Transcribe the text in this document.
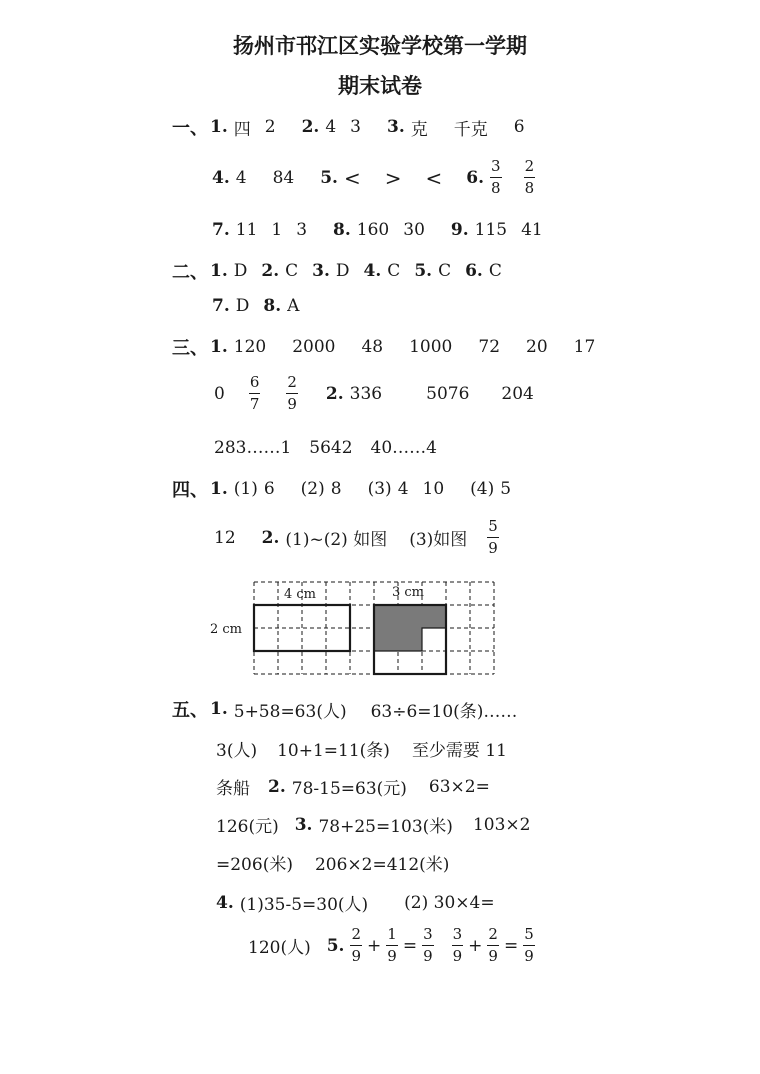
扬州市邗江区实验学校第一学期
期末试卷
一、 1. 四 2 2. 4 3 3. 克 千克 6
4. 4 84 5. < > < 6. $\frac{3}{8} \frac{2}{8}$
7. 11 1 3 8. 160 30 9. 115 41
二、 1. D 2. C 3. D 4. C 5. C 6. C
7. D 8. A
三、 1. 120 2000 48 1000 72 20 17
$0 \frac{6}{7} \frac{2}{9} 2$. 336	5076 204
283……1 5642 40……4
四、 1. (1) 6 (2) 8 (3) 4 10 (4) 5
12 2. (1)~(2) 如图 (3)如图 $\frac{5}{9}$
4 cm	3 cm
2 cm
五、 1. 5+58=63(人) 63÷6=10(条)……
3(人) 10+1=11(条) 至少需要 11
条船 2. 78-15=63(元) 63×2=
126(元) 3. 78+25=103(米) 103×2
=206(米) 206×2=412(米)
4. (1)35-5=30(人) (2) 30×4=
120(人) 5. $\frac{2}{9} + \frac{1}{9} = \frac{3}{9} \frac{3}{9} + \frac{2}{9} = \frac{5}{9}$
